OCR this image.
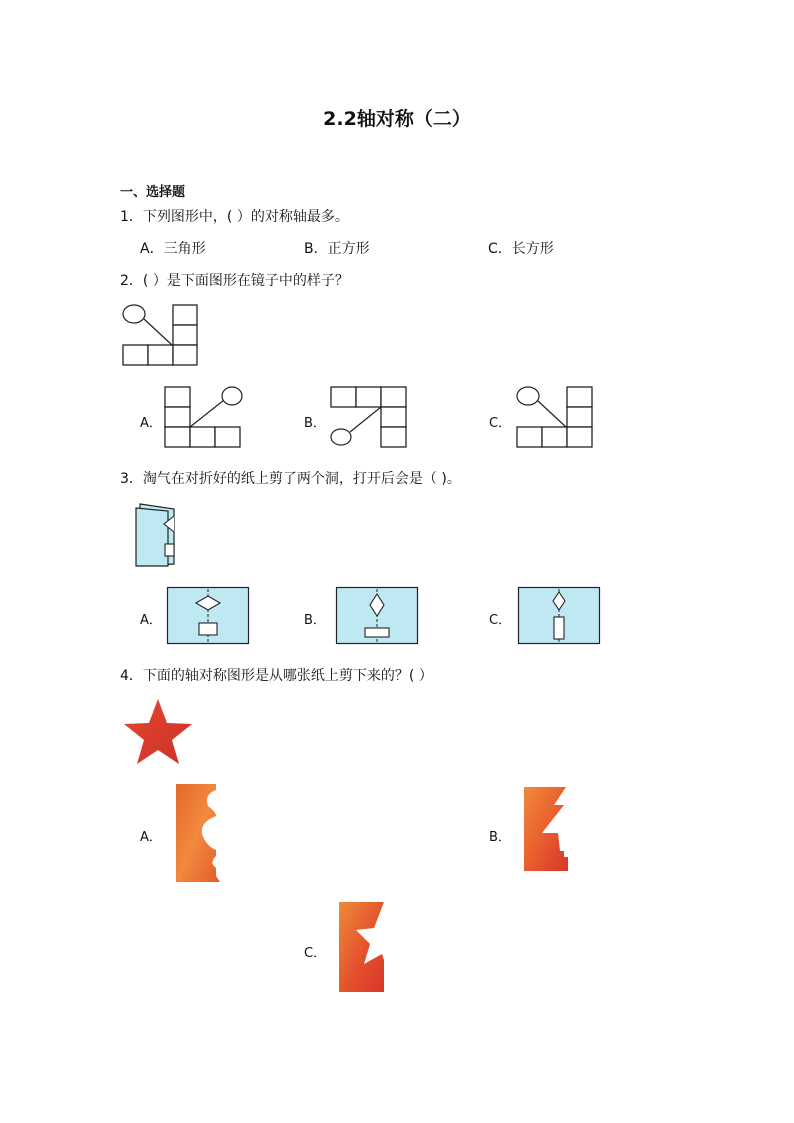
2.2轴对称（二）
一、选择题
1．下列图形中，( ）的对称轴最多。
A．三角形	B．正方形	C．长方形
2．( ）是下面图形在镜子中的样子？
A．	B．	C．
3．淘气在对折好的纸上剪了两个洞，打开后会是（ )。
A．	B．	C．
4．下面的轴对称图形是从哪张纸上剪下来的？( ）
A．	B．
C．
